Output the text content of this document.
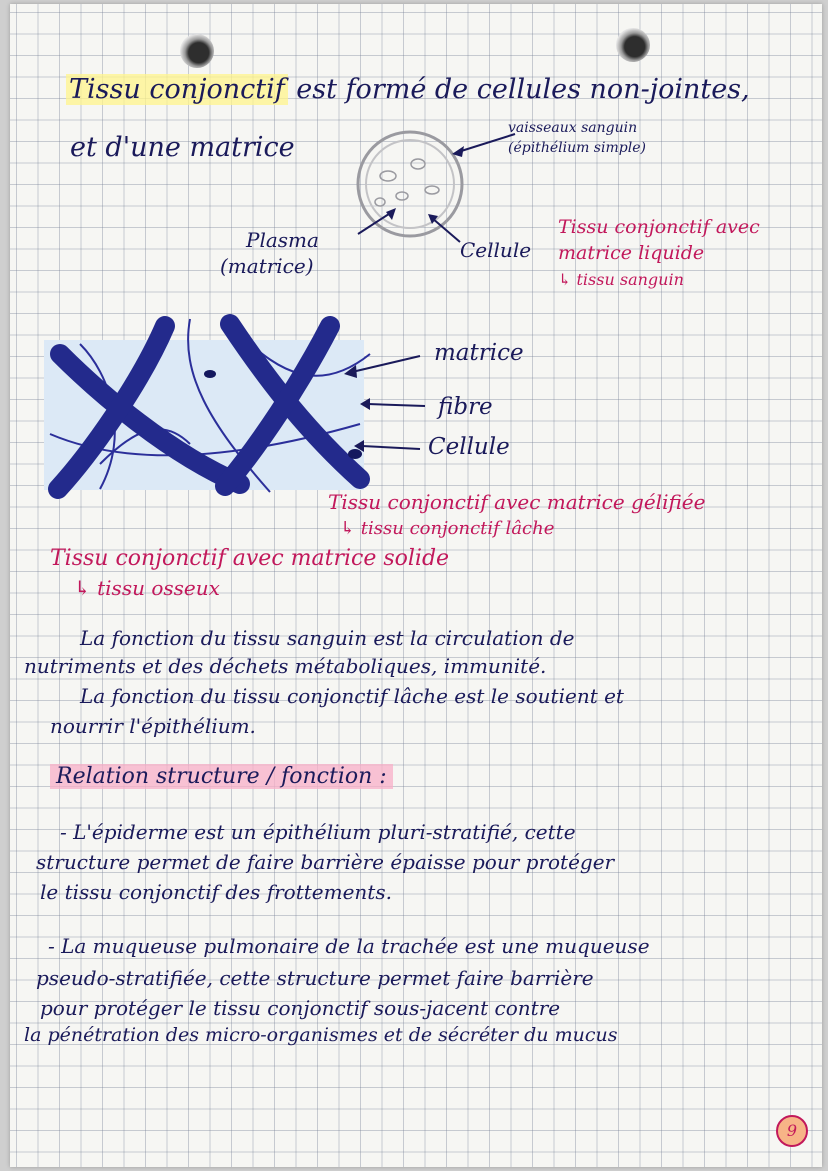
Tissu conjonctif est formé de cellules non-jointes,
et d'une matrice
vaisseaux sanguin
(épithélium simple)
Plasma
(matrice)
Cellule
Tissu conjonctif avec
matrice liquide
↳ tissu sanguin
matrice
fibre
Cellule
Tissu conjonctif avec matrice gélifiée
↳ tissu conjonctif lâche
Tissu conjonctif avec matrice solide
↳ tissu osseux
La fonction du tissu sanguin est la circulation de
nutriments et des déchets métaboliques, immunité.
La fonction du tissu conjonctif lâche est le soutient et
nourrir l'épithélium.
Relation structure / fonction :
- L'épiderme est un épithélium pluri-stratifié, cette
structure permet de faire barrière épaisse pour protéger
le tissu conjonctif des frottements.
- La muqueuse pulmonaire de la trachée est une muqueuse
pseudo-stratifiée, cette structure permet faire barrière
pour protéger le tissu conjonctif sous-jacent contre
la pénétration des micro-organismes et de sécréter du mucus
9
